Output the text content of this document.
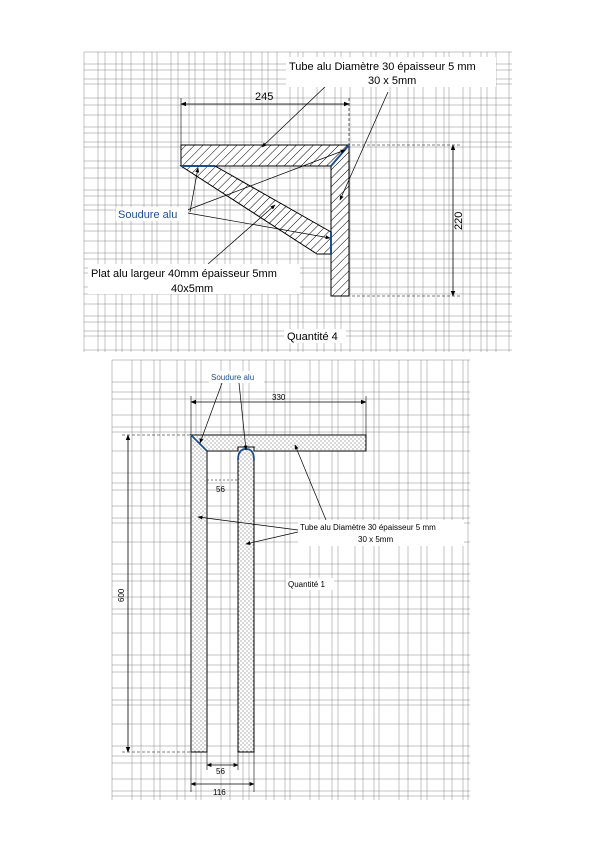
245
220
Tube alu Diamètre 30 épaisseur 5 mm
30 x 5mm
Soudure alu
Plat alu largeur 40mm épaisseur 5mm
40x5mm
Quantité 4
330
56
600
56
116
Soudure alu
Tube alu Diamètre 30 épaisseur 5 mm
30 x 5mm
Quantité 1
